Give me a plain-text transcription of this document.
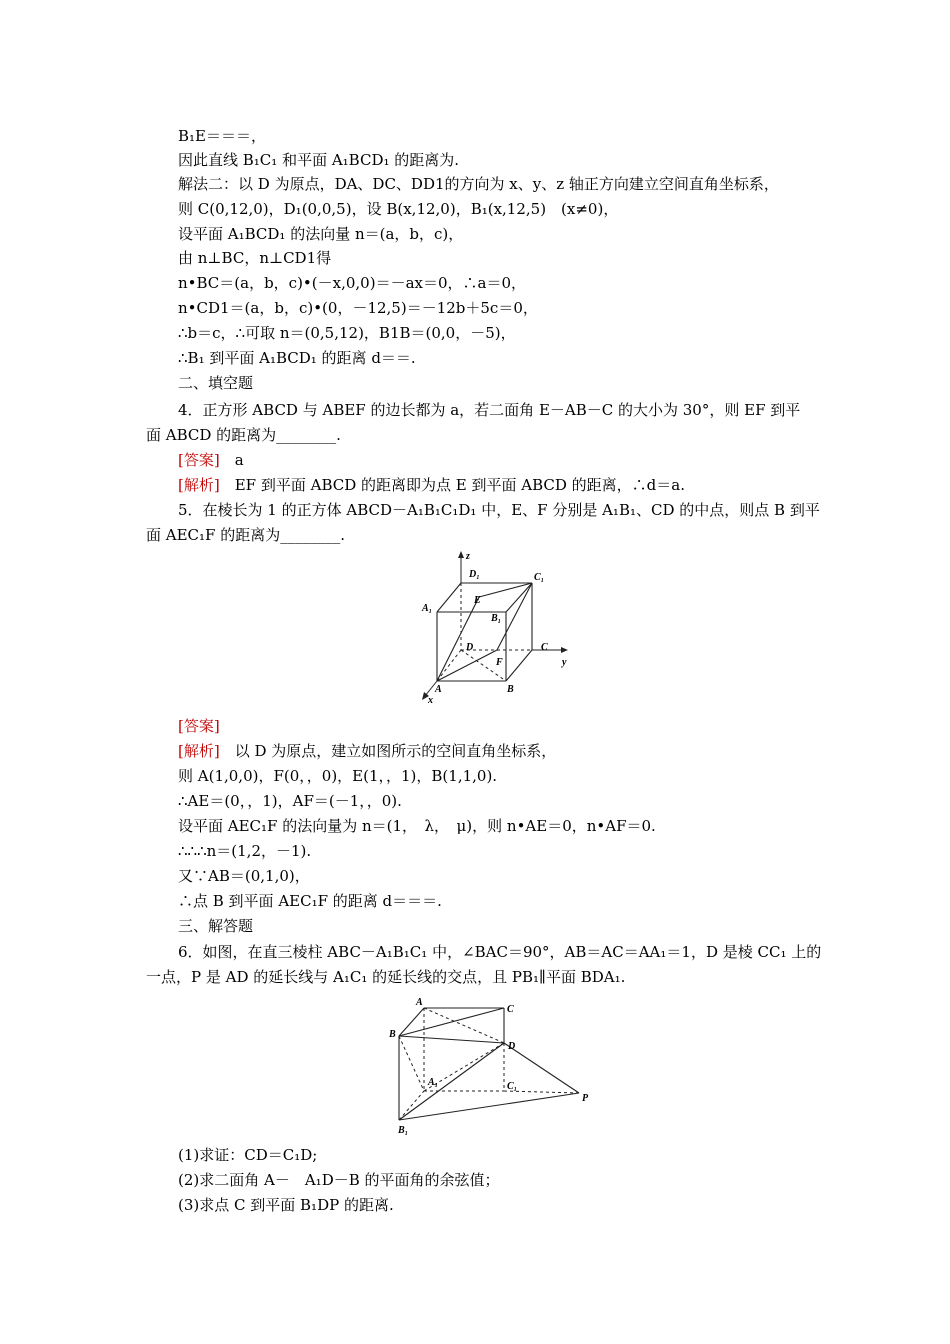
B₁E＝＝＝，
因此直线 B₁C₁ 和平面 A₁BCD₁ 的距离为.
解法二：以 D 为原点，DA、DC、DD1的方向为 x、y、z 轴正方向建立空间直角坐标系，
则 C(0,12,0)，D₁(0,0,5)，设 B(x,12,0)，B₁(x,12,5)　(x≠0)，
设平面 A₁BCD₁ 的法向量 n＝(a，b，c)，
由 n⊥BC，n⊥CD1得
n•BC＝(a，b，c)•(－x,0,0)＝－ax＝0，∴a＝0，
n•CD1＝(a，b，c)•(0，－12,5)＝－12b＋5c＝0，
∴b＝c，∴可取 n＝(0,5,12)，B1B＝(0,0，－5)，
∴B₁ 到平面 A₁BCD₁ 的距离 d＝＝.
二、填空题
4．正方形 ABCD 与 ABEF 的边长都为 a，若二面角 E－AB－C 的大小为 30°，则 EF 到平
面 ABCD 的距离为________.
[答案]　a
[解析]　EF 到平面 ABCD 的距离即为点 E 到平面 ABCD 的距离，∴d＝a.
5．在棱长为 1 的正方体 ABCD－A₁B₁C₁D₁ 中，E、F 分别是 A₁B₁、CD 的中点，则点 B 到平
面 AEC₁F 的距离为________.
z
y
x
D₁	C₁
A₁
B₁
E
D	C
F
A	B
[答案]
[解析]　以 D 为原点，建立如图所示的空间直角坐标系，
则 A(1,0,0)，F(0，，0)，E(1，，1)，B(1,1,0).
∴AE＝(0，，1)，AF＝(－1，，0).
设平面 AEC₁F 的法向量为 n＝(1，　λ，　μ)，则 n•AE＝0，n•AF＝0.
∴∴∴n＝(1,2，－1).
又∵AB＝(0,1,0)，
∴点 B 到平面 AEC₁F 的距离 d＝＝＝.
三、解答题
6．如图，在直三棱柱 ABC－A₁B₁C₁ 中，∠BAC＝90°，AB＝AC＝AA₁＝1，D 是棱 CC₁ 上的
一点，P 是 AD 的延长线与 A₁C₁ 的延长线的交点，且 PB₁∥平面 BDA₁.
A
C
B
D
A₁	C₁
P
B₁
(1)求证：CD＝C₁D;
(2)求二面角 A－　A₁D－B 的平面角的余弦值；
(3)求点 C 到平面 B₁DP 的距离.
